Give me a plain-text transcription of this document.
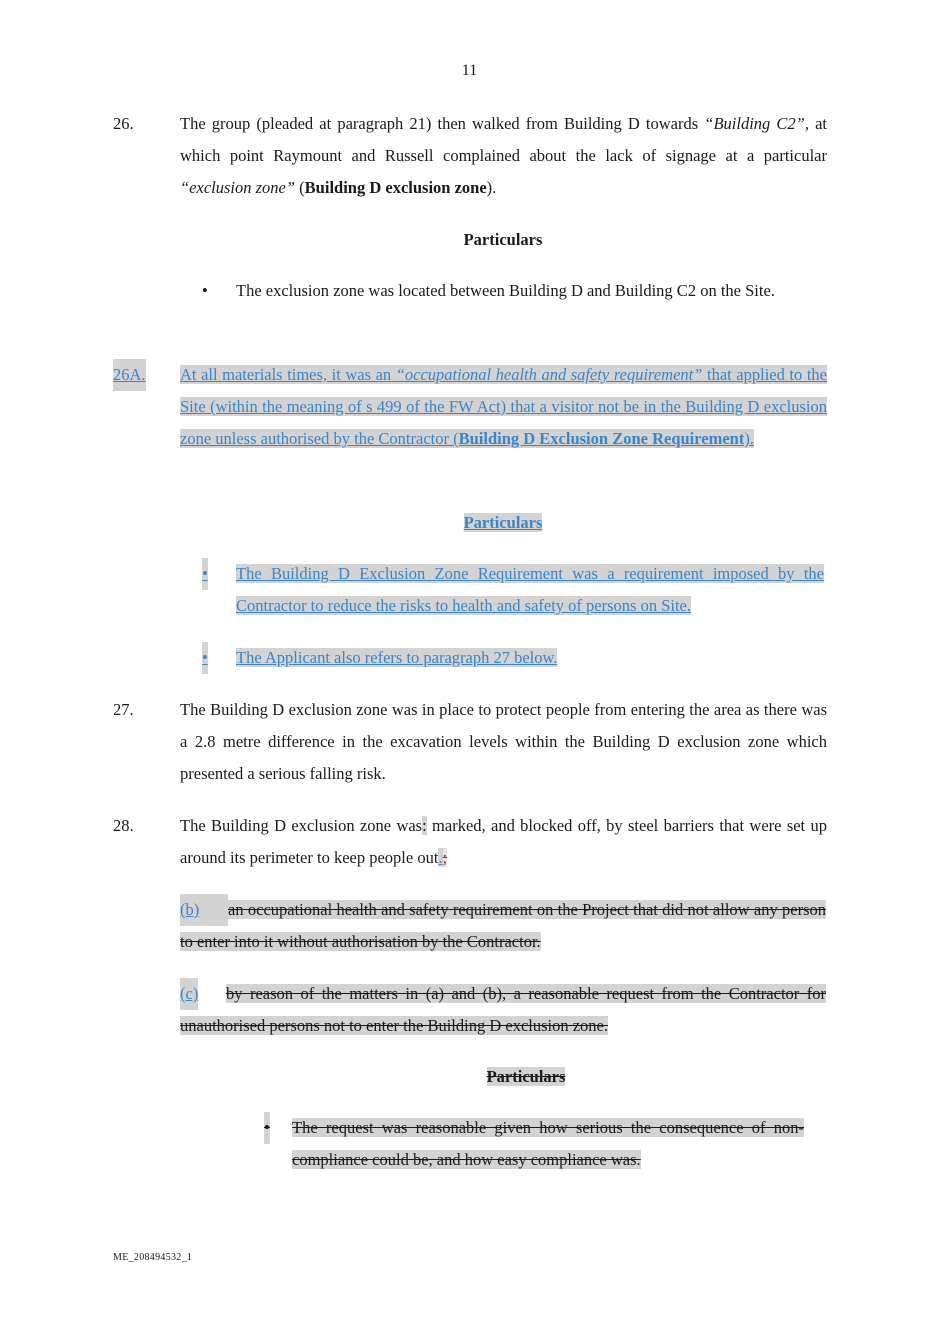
11
26.	The group (pleaded at paragraph 21) then walked from Building D towards “Building C2”, at which point Raymount and Russell complained about the lack of signage at a particular “exclusion zone” (Building D exclusion zone).
Particulars
• The exclusion zone was located between Building D and Building C2 on the Site.
26A. At all materials times, it was an “occupational health and safety requirement” that applied to the Site (within the meaning of s 499 of the FW Act) that a visitor not be in the Building D exclusion zone unless authorised by the Contractor (Building D Exclusion Zone Requirement).
Particulars
• The Building D Exclusion Zone Requirement was a requirement imposed by the Contractor to reduce the risks to health and safety of persons on Site.
• The Applicant also refers to paragraph 27 below.
27.	The Building D exclusion zone was in place to protect people from entering the area as there was a 2.8 metre difference in the excavation levels within the Building D exclusion zone which presented a serious falling risk.
28.	The Building D exclusion zone was: marked, and blocked off, by steel barriers that were set up around its perimeter to keep people out.;
(b)	an occupational health and safety requirement on the Project that did not allow any person to enter into it without authorisation by the Contractor.
(c)	by reason of the matters in (a) and (b), a reasonable request from the Contractor for unauthorised persons not to enter the Building D exclusion zone.
Particulars
• The request was reasonable given how serious the consequence of non-compliance could be, and how easy compliance was.
ME_208494532_1
